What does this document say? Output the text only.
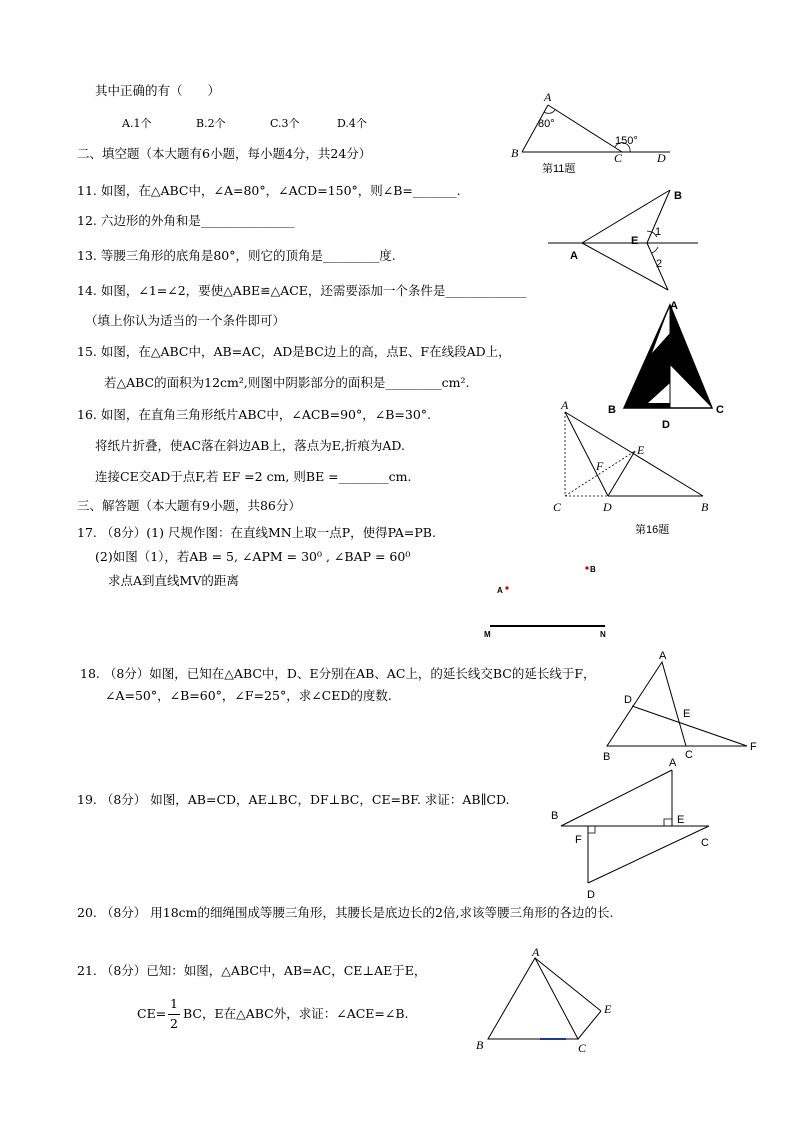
其中正确的有（　　）
A.1个	B.2个	C.3个	D.4个
二、填空题（本大题有6小题，每小题4分，共24分）
11. 如图，在△ABC中，∠A=80°，∠ACD=150°，则∠B=_______.
12. 六边形的外角和是_______________
13. 等腰三角形的底角是80°，则它的顶角是_________度.
14. 如图，∠1=∠2，要使△ABE≌△ACE，还需要添加一个条件是_____________
（填上你认为适当的一个条件即可）
15. 如图，在△ABC中，AB=AC，AD是BC边上的高，点E、F在线段AD上，
若△ABC的面积为12cm²,则图中阴影部分的面积是_________cm².
16. 如图，在直角三角形纸片ABC中，∠ACB=90°，∠B=30°.
将纸片折叠，使AC落在斜边AB上，落点为E,折痕为AD.
连接CE交AD于点F,若 EF =2 cm, 则BE =________cm.
三、解答题（本大题有9小题，共86分）
17. （8分）(1) 尺规作图：在直线MN上取一点P，使得PA=PB.
(2)如图（1），若AB = 5, ∠APM = 30⁰ , ∠BAP = 60⁰
求点A到直线MV的距离
18. （8分）如图，已知在△ABC中，D、E分别在AB、AC上，的延长线交BC的延长线于F，
∠A=50°，∠B=60°，∠F=25°，求∠CED的度数.
19. （8分） 如图，AB=CD，AE⊥BC，DF⊥BC，CE=BF. 求证：AB∥CD.
20. （8分） 用18cm的细绳围成等腰三角形，其腰长是底边长的2倍,求该等腰三角形的各边的长.
21. （8分）已知：如图，△ABC中，AB=AC，CE⊥AE于E，
CE=
1
2
BC，E在△ABC外，求证：∠ACE=∠B.
A
B	C	D
80°
150°
第11题
A
B
E
1
2
A
B	C
D
E
F
A
C	D	B
E
F
第16题
A
B
M	N
A
B	C
D
E
F
A
B
C
D
E
F
A
B	C
E
